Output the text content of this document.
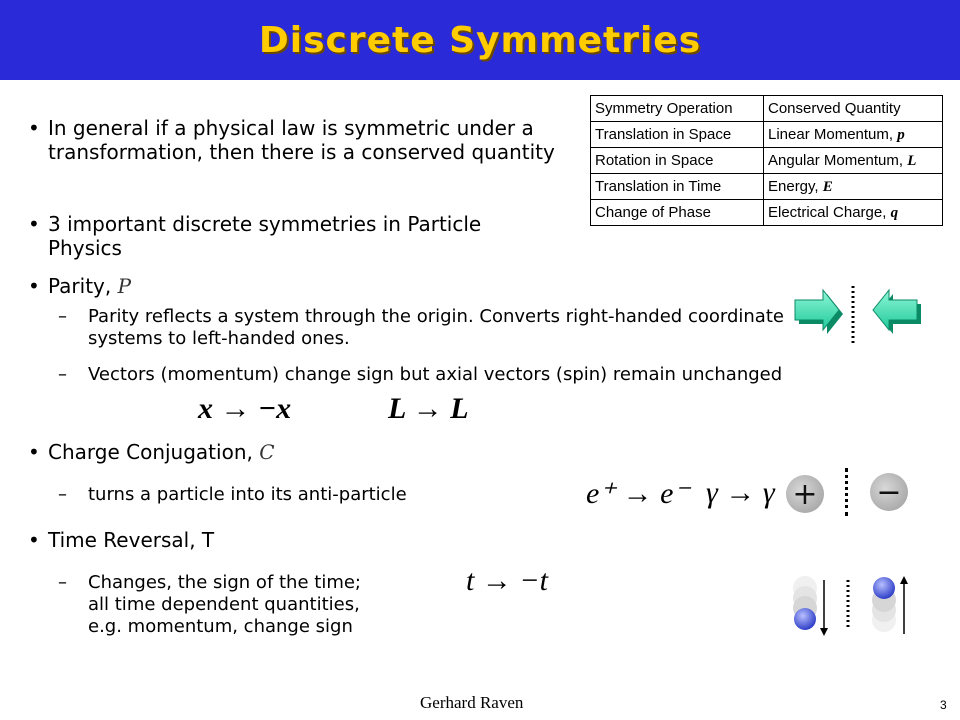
Discrete Symmetries
• In general if a physical law is symmetric under a transformation, then there is a conserved quantity
• 3 important discrete symmetries in Particle Physics
Symmetry Operation	Conserved Quantity
Translation in Space	Linear Momentum, p
Rotation in Space	Angular Momentum, L
Translation in Time	Energy, E
Change of Phase	Electrical Charge, q
• Parity, P
– Parity reflects a system through the origin. Converts right-handed coordinate systems to left-handed ones.
– Vectors (momentum) change sign but axial vectors (spin) remain unchanged
x → −x	L → L
• Charge Conjugation, C
– turns a particle into its anti-particle	e⁺ → e⁻ γ → γ + −
• Time Reversal, T
– Changes, the sign of the time; all time dependent quantities, e.g. momentum, change sign
t → −t
Gerhard Raven	3
